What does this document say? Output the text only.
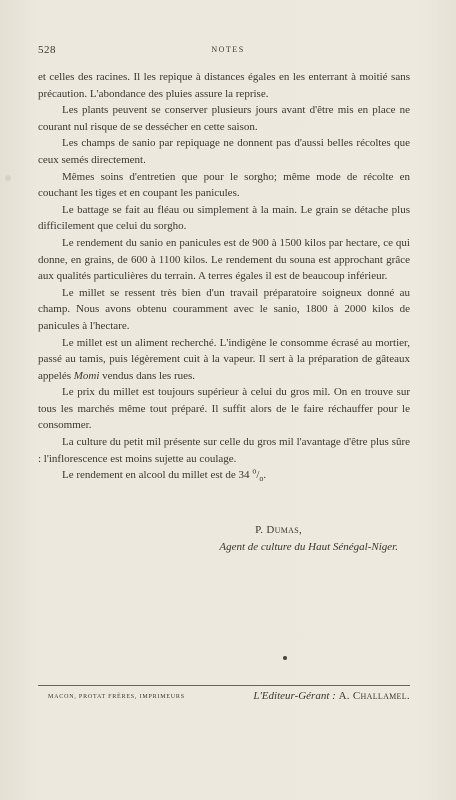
528	NOTES

et celles des racines. Il les repique à distances égales en les enterrant à moitié sans précaution. L'abondance des pluies assure la reprise.

Les plants peuvent se conserver plusieurs jours avant d'être mis en place ne courant nul risque de se dessécher en cette saison.

Les champs de sanio par repiquage ne donnent pas d'aussi belles récoltes que ceux semés directement.

Mêmes soins d'entretien que pour le sorgho; même mode de récolte en couchant les tiges et en coupant les panicules.

Le battage se fait au fléau ou simplement à la main. Le grain se détache plus difficilement que celui du sorgho.

Le rendement du sanio en panicules est de 900 à 1500 kilos par hectare, ce qui donne, en grains, de 600 à 1100 kilos. Le rendement du souna est approchant grâce aux qualités particulières du terrain. A terres égales il est de beaucoup inférieur.

Le millet se ressent très bien d'un travail préparatoire soigneux donné au champ. Nous avons obtenu couramment avec le sanio, 1800 à 2000 kilos de panicules à l'hectare.

Le millet est un aliment recherché. L'indigène le consomme écrasé au mortier, passé au tamis, puis légèrement cuit à la vapeur. Il sert à la préparation de gâteaux appelés Momi vendus dans les rues.

Le prix du millet est toujours supérieur à celui du gros mil. On en trouve sur tous les marchés même tout préparé. Il suffit alors de le faire réchauffer pour le consommer.

La culture du petit mil présente sur celle du gros mil l'avantage d'être plus sûre : l'inflorescence est moins sujette au coulage.

Le rendement en alcool du millet est de 34 $^o/_o$.

P. Dumas,
Agent de culture du Haut Sénégal-Niger.
MACON, PROTAT FRÈRES, IMPRIMEURS	L'Editeur-Gérant : A. Challamel.
